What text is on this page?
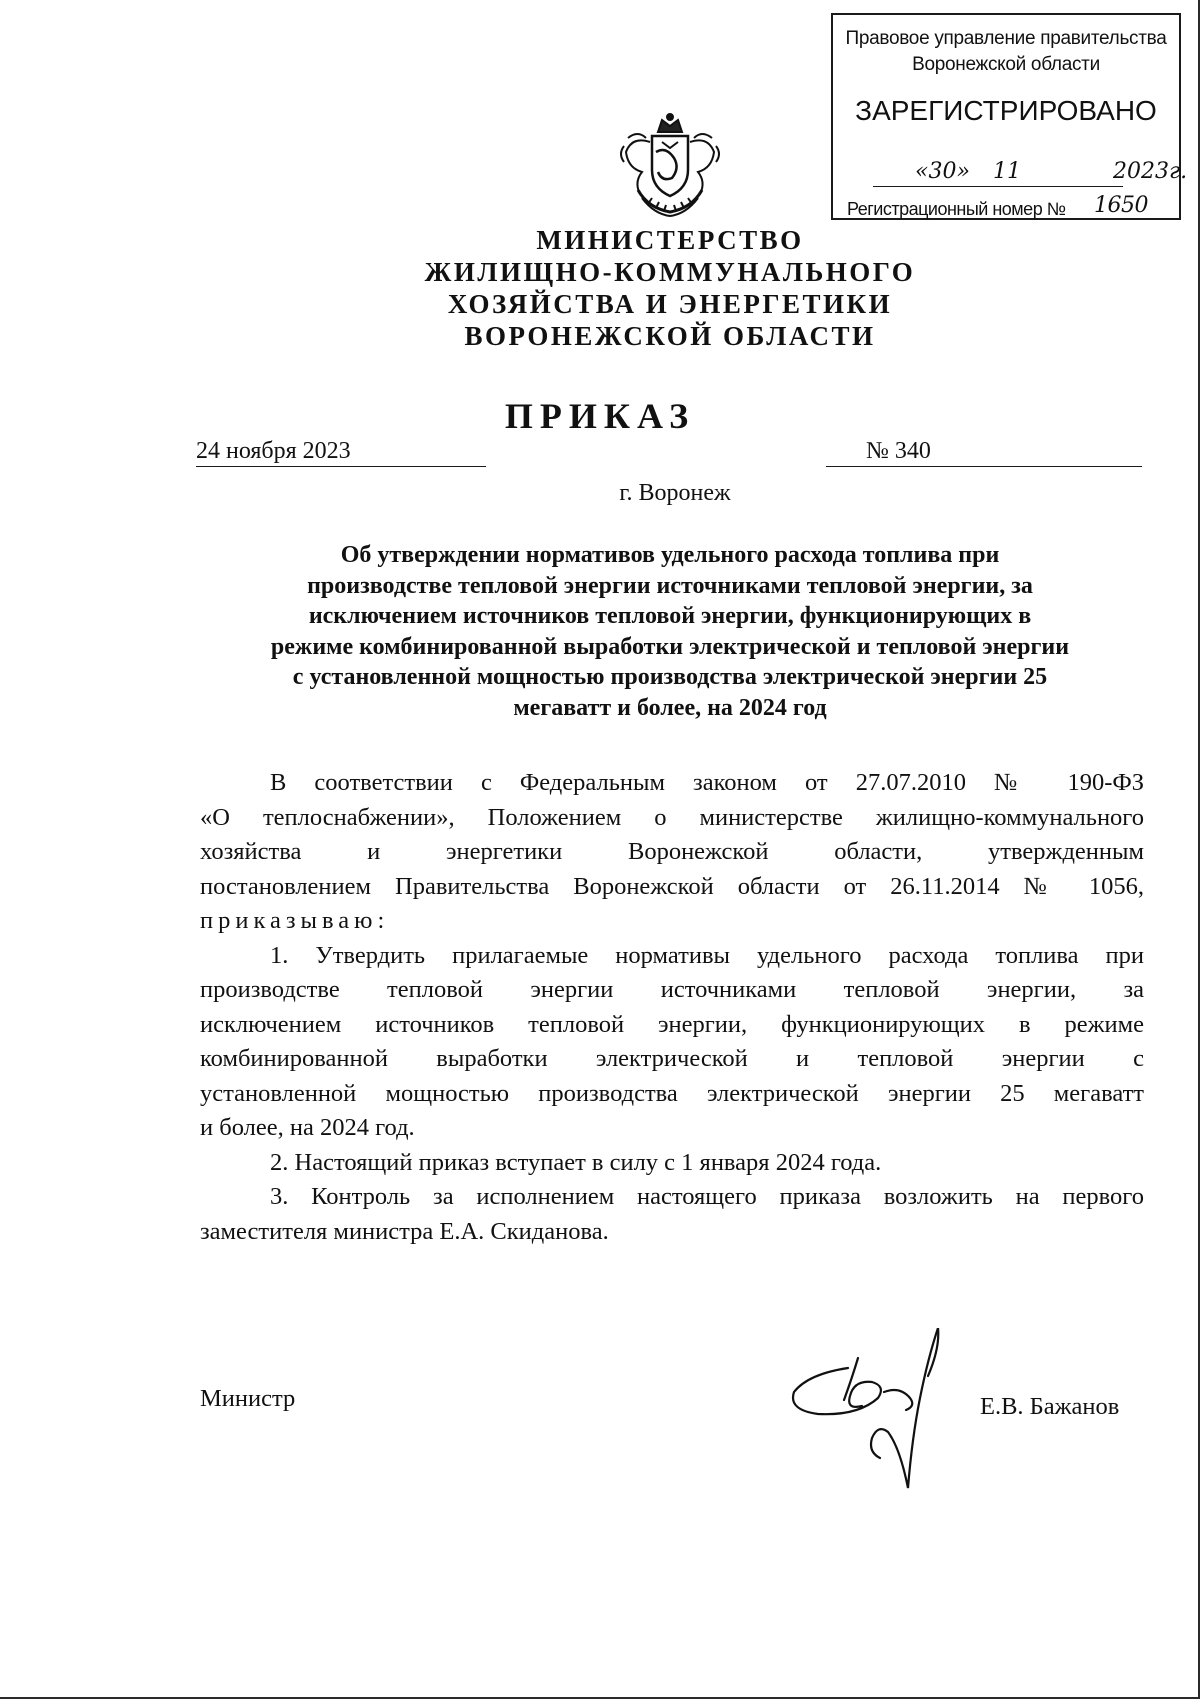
Правовое управление правительства
Воронежской области
ЗАРЕГИСТРИРОВАНО
«30» 11	2023г.
Регистрационный номер №	1650
МИНИСТЕРСТВО
ЖИЛИЩНО-КОММУНАЛЬНОГО
ХОЗЯЙСТВА И ЭНЕРГЕТИКИ
ВОРОНЕЖСКОЙ ОБЛАСТИ
ПРИКАЗ
24 ноября 2023	№ 340
г. Воронеж
Об утверждении нормативов удельного расхода топлива при
производстве тепловой энергии источниками тепловой энергии, за
исключением источников тепловой энергии, функционирующих в
режиме комбинированной выработки электрической и тепловой энергии
с установленной мощностью производства электрической энергии 25
мегаватт и более, на 2024 год
В соответствии с Федеральным законом от 27.07.2010 № 190-ФЗ
«О теплоснабжении», Положением о министерстве жилищно-коммунального
хозяйства и энергетики Воронежской области, утвержденным
постановлением Правительства Воронежской области от 26.11.2014 № 1056,
приказываю:
1. Утвердить прилагаемые нормативы удельного расхода топлива при
производстве тепловой энергии источниками тепловой энергии, за
исключением источников тепловой энергии, функционирующих в режиме
комбинированной выработки электрической и тепловой энергии с
установленной мощностью производства электрической энергии 25 мегаватт
и более, на 2024 год.
2. Настоящий приказ вступает в силу с 1 января 2024 года.
3. Контроль за исполнением настоящего приказа возложить на первого
заместителя министра Е.А. Скиданова.
Министр	Е.В. Бажанов
